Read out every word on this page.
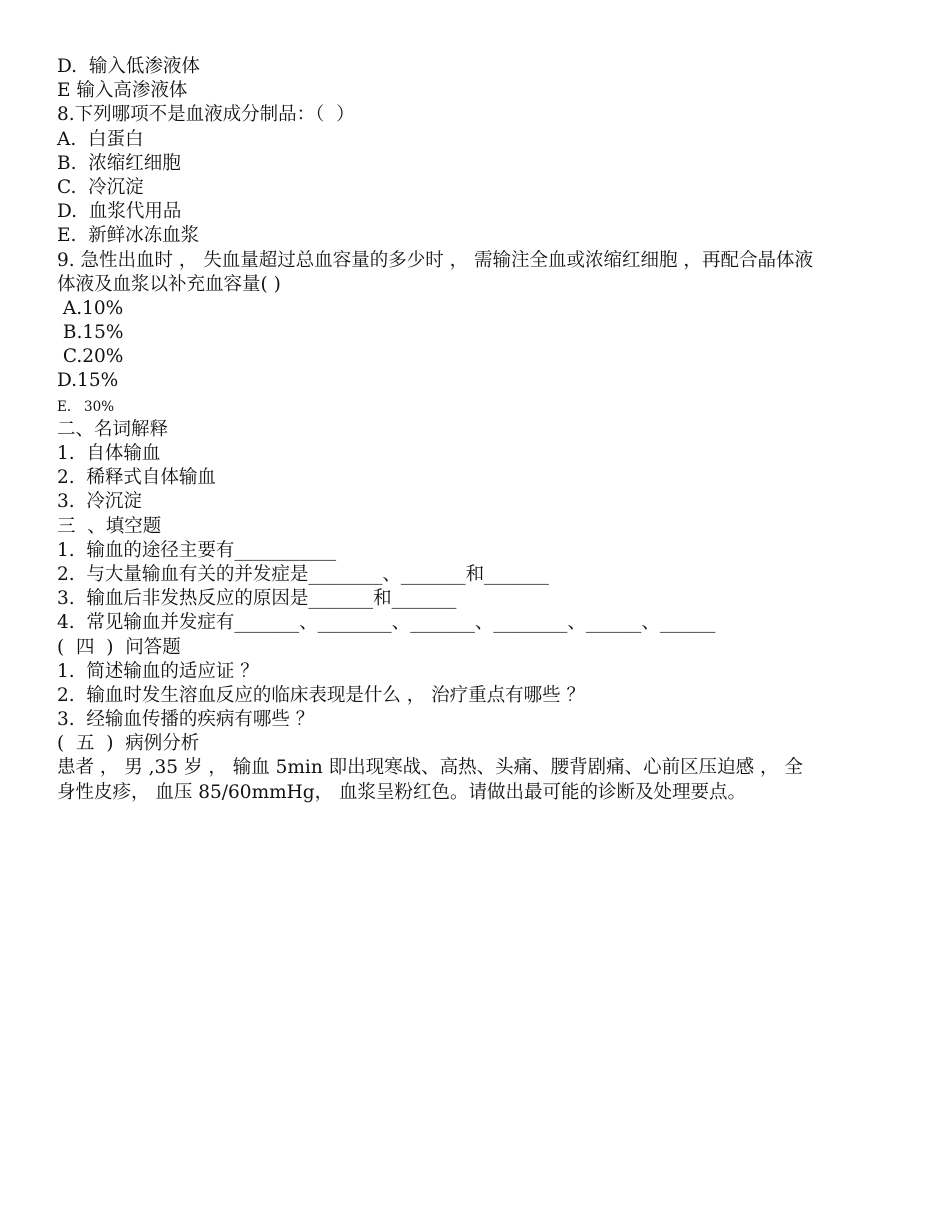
D.  输入低渗液体
E 输入高渗液体
8.下列哪项不是血液成分制品：（  ）
A.  白蛋白
B.  浓缩红细胞
C.  冷沉淀
D.  血浆代用品
E.  新鲜冰冻血浆
9. 急性出血时 ， 失血量超过总血容量的多少时 ， 需输注全血或浓缩红细胞 ，再配合晶体液 体液及血浆以补充血容量( )
A.10%
B.15%
C.20%
D.15%
E.   30%
二、名词解释
1.  自体输血
2.  稀释式自体输血
3.  冷沉淀
三  、填空题
1.  输血的途径主要有___________
2.  与大量输血有关的并发症是________、_______和_______
3.  输血后非发热反应的原因是_______和_______
4.  常见输血并发症有_______、________、_______、________、______、______
(  四  )  问答题
1.  简述输血的适应证 ？
2.  输血时发生溶血反应的临床表现是什么 ， 治疗重点有哪些 ？
3.  经输血传播的疾病有哪些 ？
(  五  )  病例分析
患者 ， 男 ,35 岁 ， 输血 5min 即出现寒战、高热、头痛、腰背剧痛、心前区压迫感 ， 全身性皮疹， 血压 85/60mmHg， 血浆呈粉红色。请做出最可能的诊断及处理要点。
